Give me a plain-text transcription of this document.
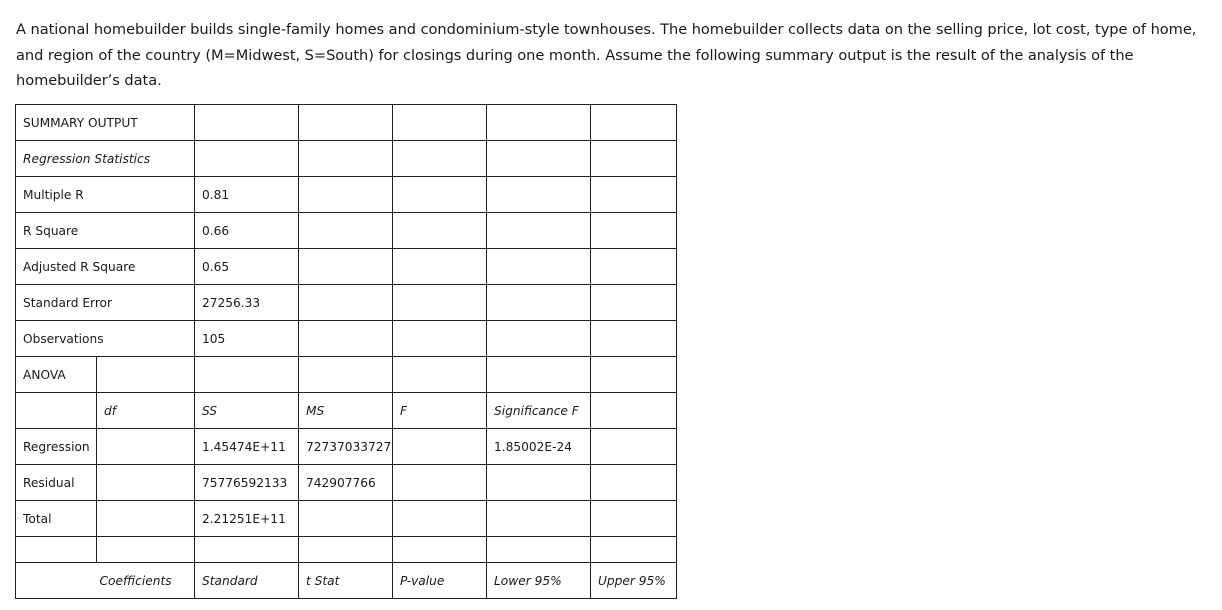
A national homebuilder builds single-family homes and condominium-style townhouses. The homebuilder collects data on the selling price, lot cost, type of home, and region of the country (M=Midwest, S=South) for closings during one month. Assume the following summary output is the result of the analysis of the homebuilder’s data.
SUMMARY OUTPUT						
Regression Statistics						
Multiple R		0.81				
R Square		0.66				
Adjusted R Square		0.65				
Standard Error		27256.33				
Observations		105				
ANOVA						
	df	SS	MS	F	Significance F	
Regression		1.45474E+11	72737033727		1.85002E-24	
Residual		75776592133	742907766			
Total		2.21251E+11				

	Coefficients	Standard	t Stat	P-value	Lower 95%	Upper 95%
